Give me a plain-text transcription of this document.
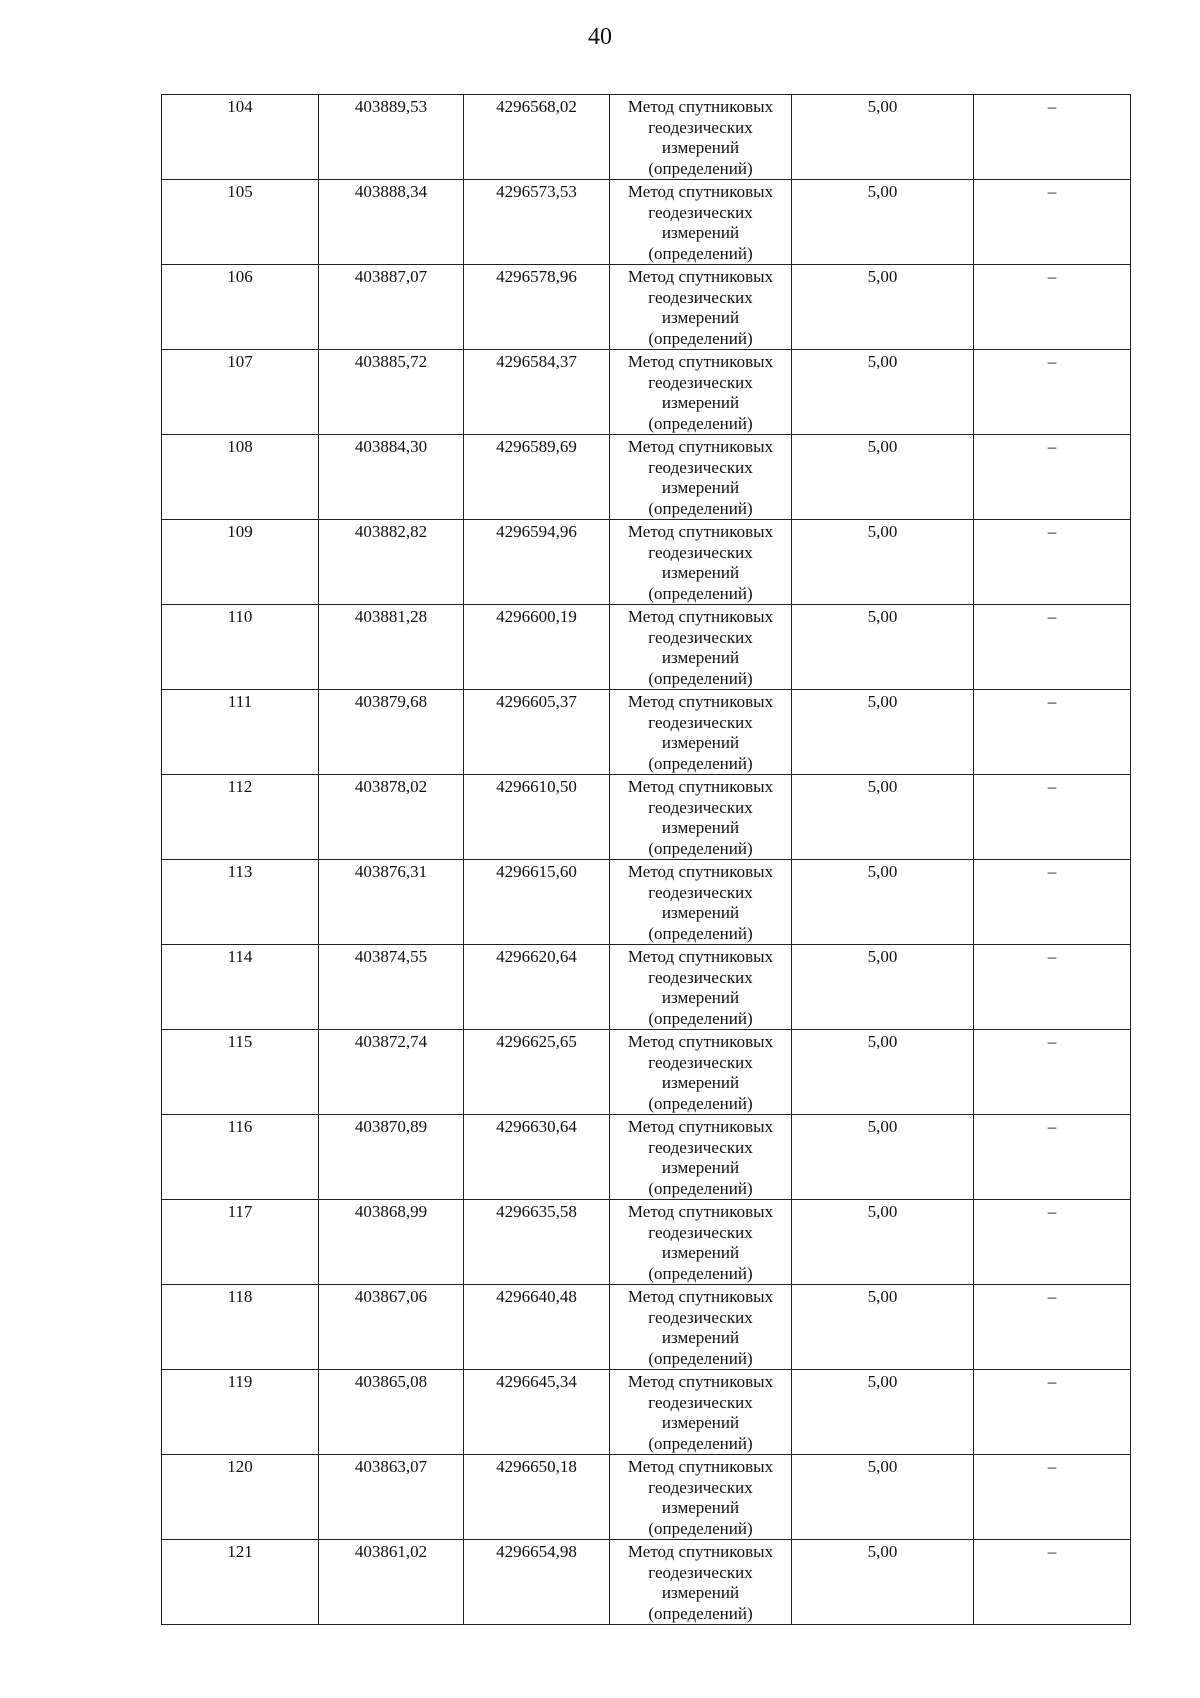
40
104	403889,53	4296568,02	Метод спутниковых
геодезических
измерений
(определений)	5,00	–
105	403888,34	4296573,53	Метод спутниковых
геодезических
измерений
(определений)	5,00	–
106	403887,07	4296578,96	Метод спутниковых
геодезических
измерений
(определений)	5,00	–
107	403885,72	4296584,37	Метод спутниковых
геодезических
измерений
(определений)	5,00	–
108	403884,30	4296589,69	Метод спутниковых
геодезических
измерений
(определений)	5,00	–
109	403882,82	4296594,96	Метод спутниковых
геодезических
измерений
(определений)	5,00	–
110	403881,28	4296600,19	Метод спутниковых
геодезических
измерений
(определений)	5,00	–
111	403879,68	4296605,37	Метод спутниковых
геодезических
измерений
(определений)	5,00	–
112	403878,02	4296610,50	Метод спутниковых
геодезических
измерений
(определений)	5,00	–
113	403876,31	4296615,60	Метод спутниковых
геодезических
измерений
(определений)	5,00	–
114	403874,55	4296620,64	Метод спутниковых
геодезических
измерений
(определений)	5,00	–
115	403872,74	4296625,65	Метод спутниковых
геодезических
измерений
(определений)	5,00	–
116	403870,89	4296630,64	Метод спутниковых
геодезических
измерений
(определений)	5,00	–
117	403868,99	4296635,58	Метод спутниковых
геодезических
измерений
(определений)	5,00	–
118	403867,06	4296640,48	Метод спутниковых
геодезических
измерений
(определений)	5,00	–
119	403865,08	4296645,34	Метод спутниковых
геодезических
измерений
(определений)	5,00	–
120	403863,07	4296650,18	Метод спутниковых
геодезических
измерений
(определений)	5,00	–
121	403861,02	4296654,98	Метод спутниковых
геодезических
измерений
(определений)	5,00	–
